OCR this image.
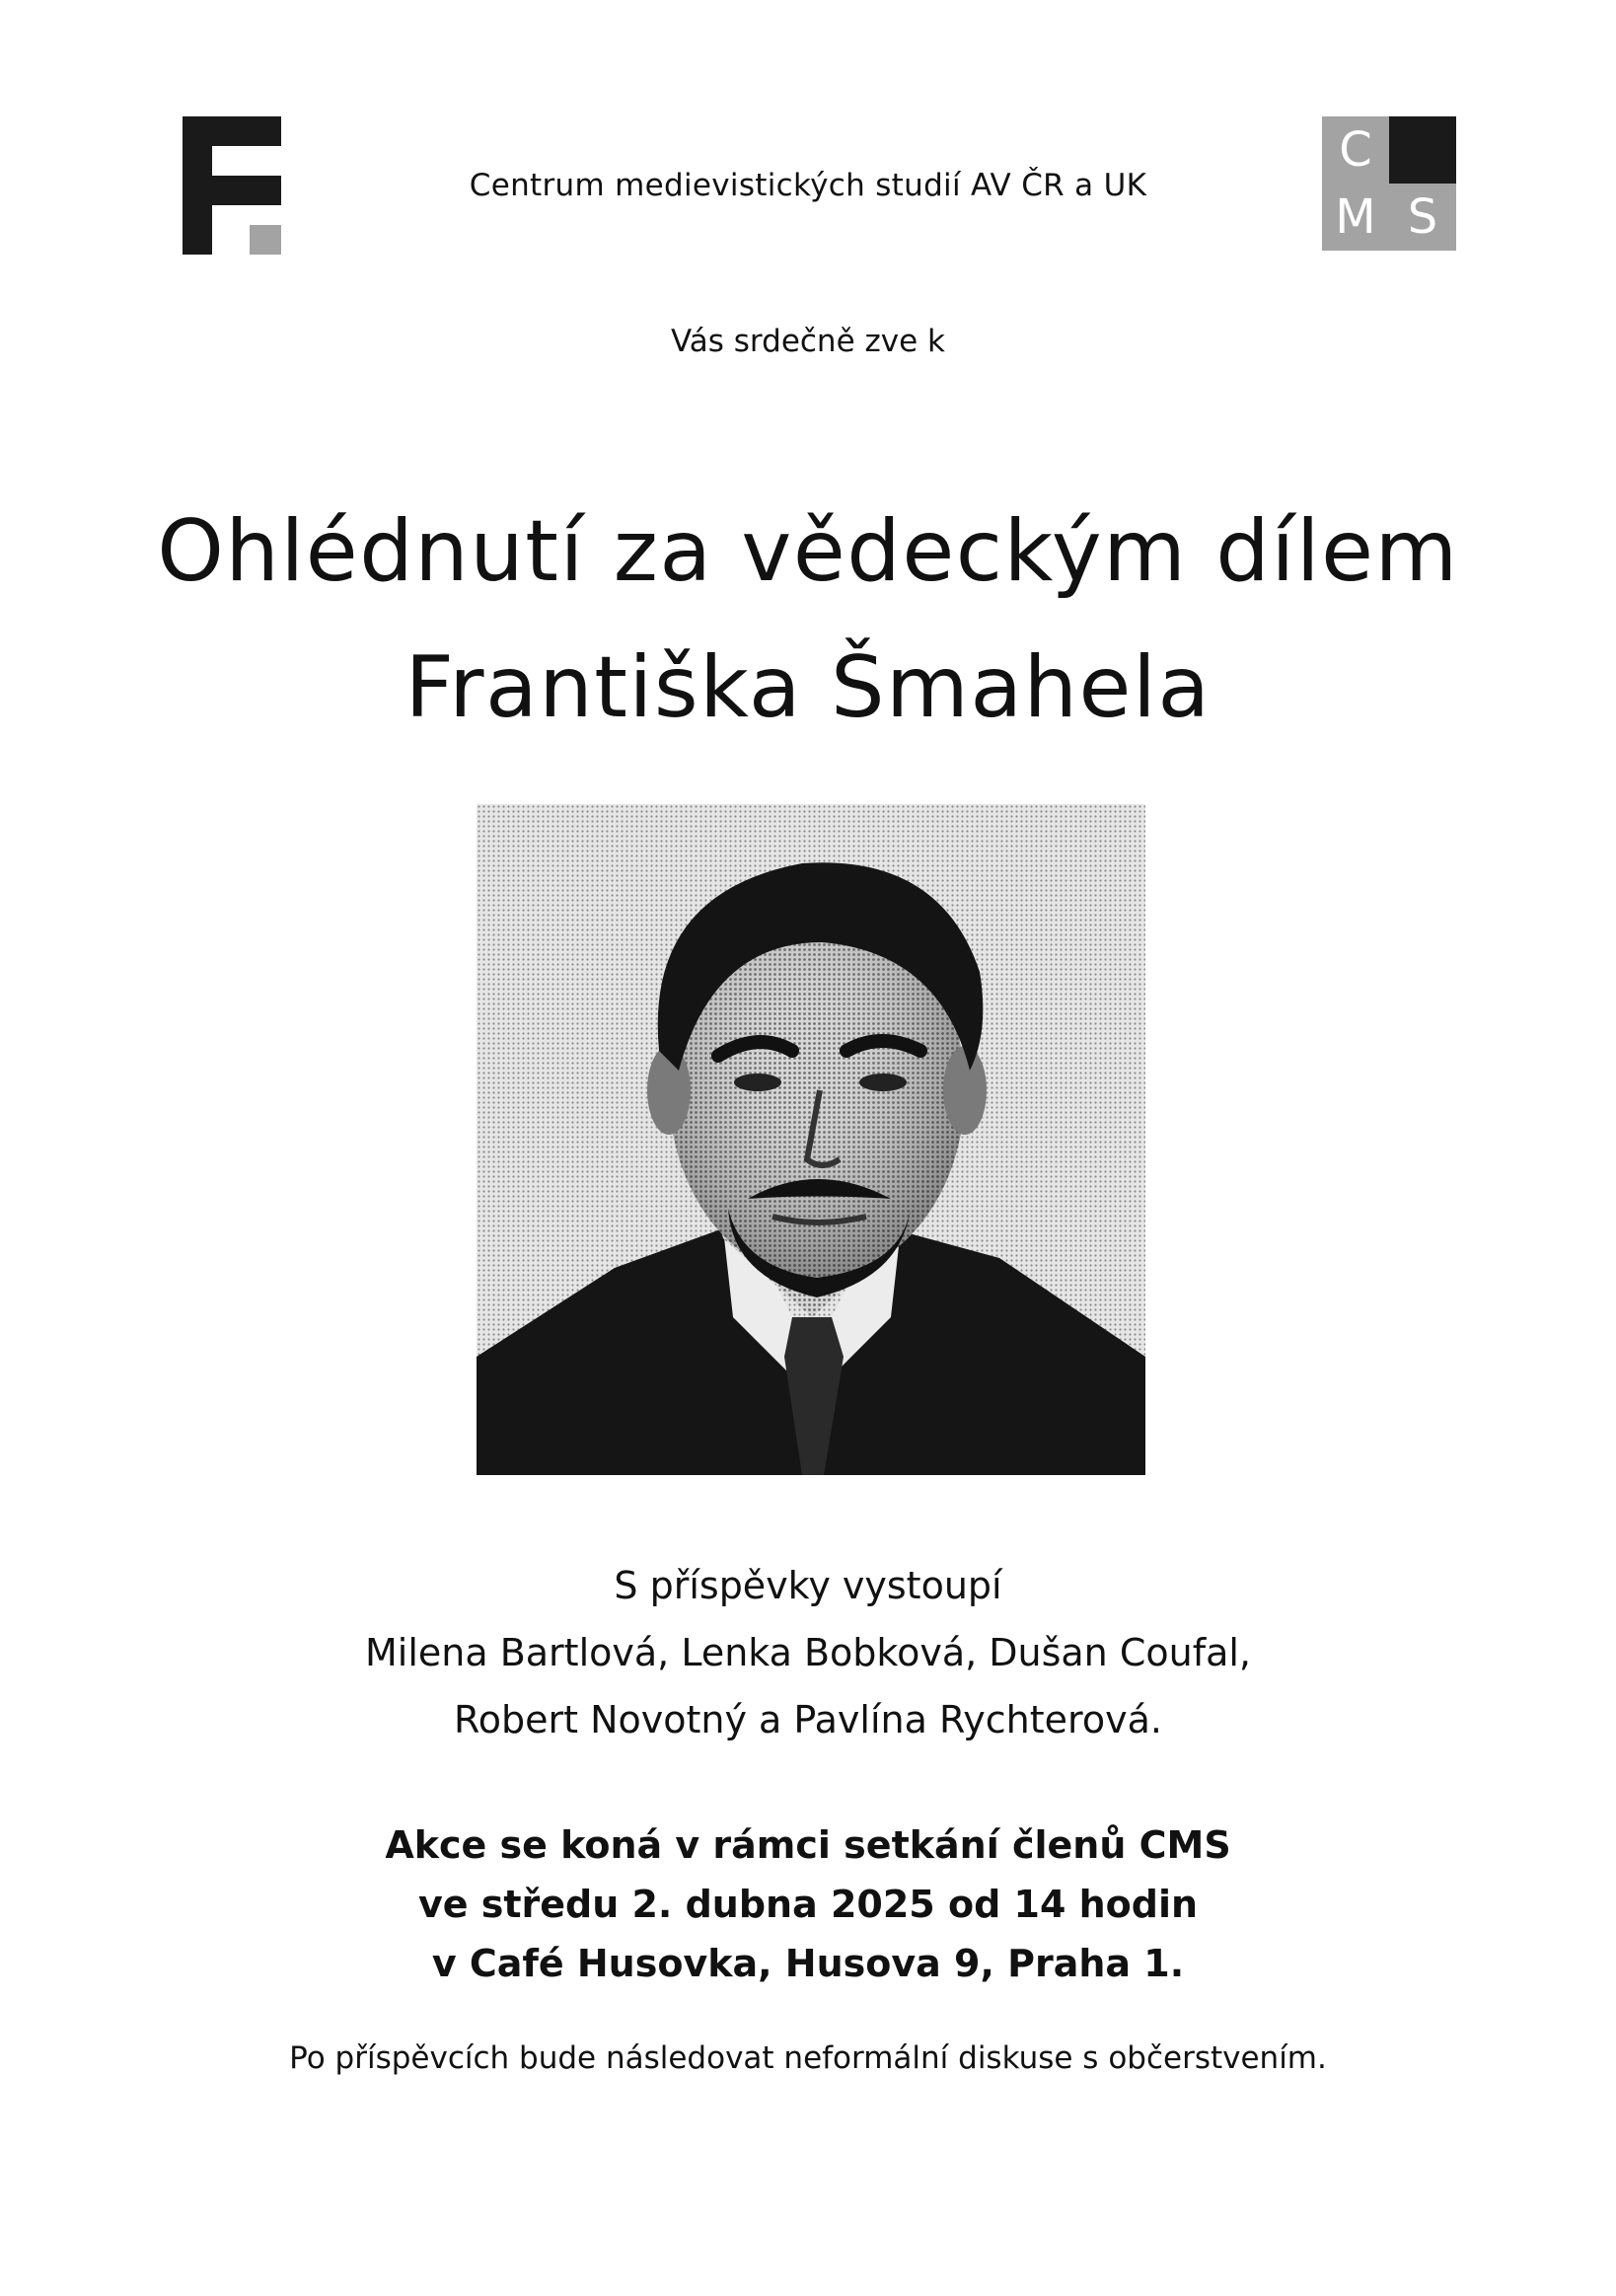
Centrum medievistických studií AV ČR a UK
C
M S
Vás srdečně zve k
Ohlédnutí za vědeckým dílem
Františka Šmahela
S příspěvky vystoupí
Milena Bartlová, Lenka Bobková, Dušan Coufal,
Robert Novotný a Pavlína Rychterová.
Akce se koná v rámci setkání členů CMS
ve středu 2. dubna 2025 od 14 hodin
v Café Husovka, Husova 9, Praha 1.
Po příspěvcích bude následovat neformální diskuse s občerstvením.
